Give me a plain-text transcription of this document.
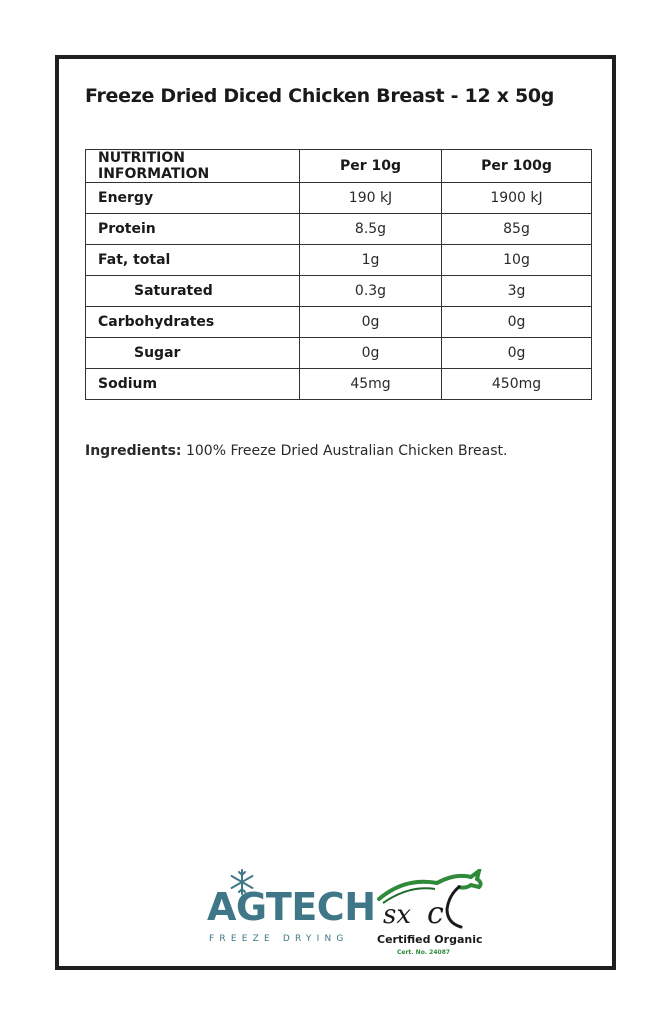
Freeze Dried Diced Chicken Breast - 12 x 50g
NUTRITION INFORMATION	Per 10g	Per 100g
Energy	190 kJ	1900 kJ
Protein	8.5g	85g
Fat, total	1g	10g
Saturated	0.3g	3g
Carbohydrates	0g	0g
Sugar	0g	0g
Sodium	45mg	450mg

Ingredients: 100% Freeze Dried Australian Chicken Breast.

AGTECH
FREEZE DRYING
sx c
Certified Organic
Cert. No. 24087
